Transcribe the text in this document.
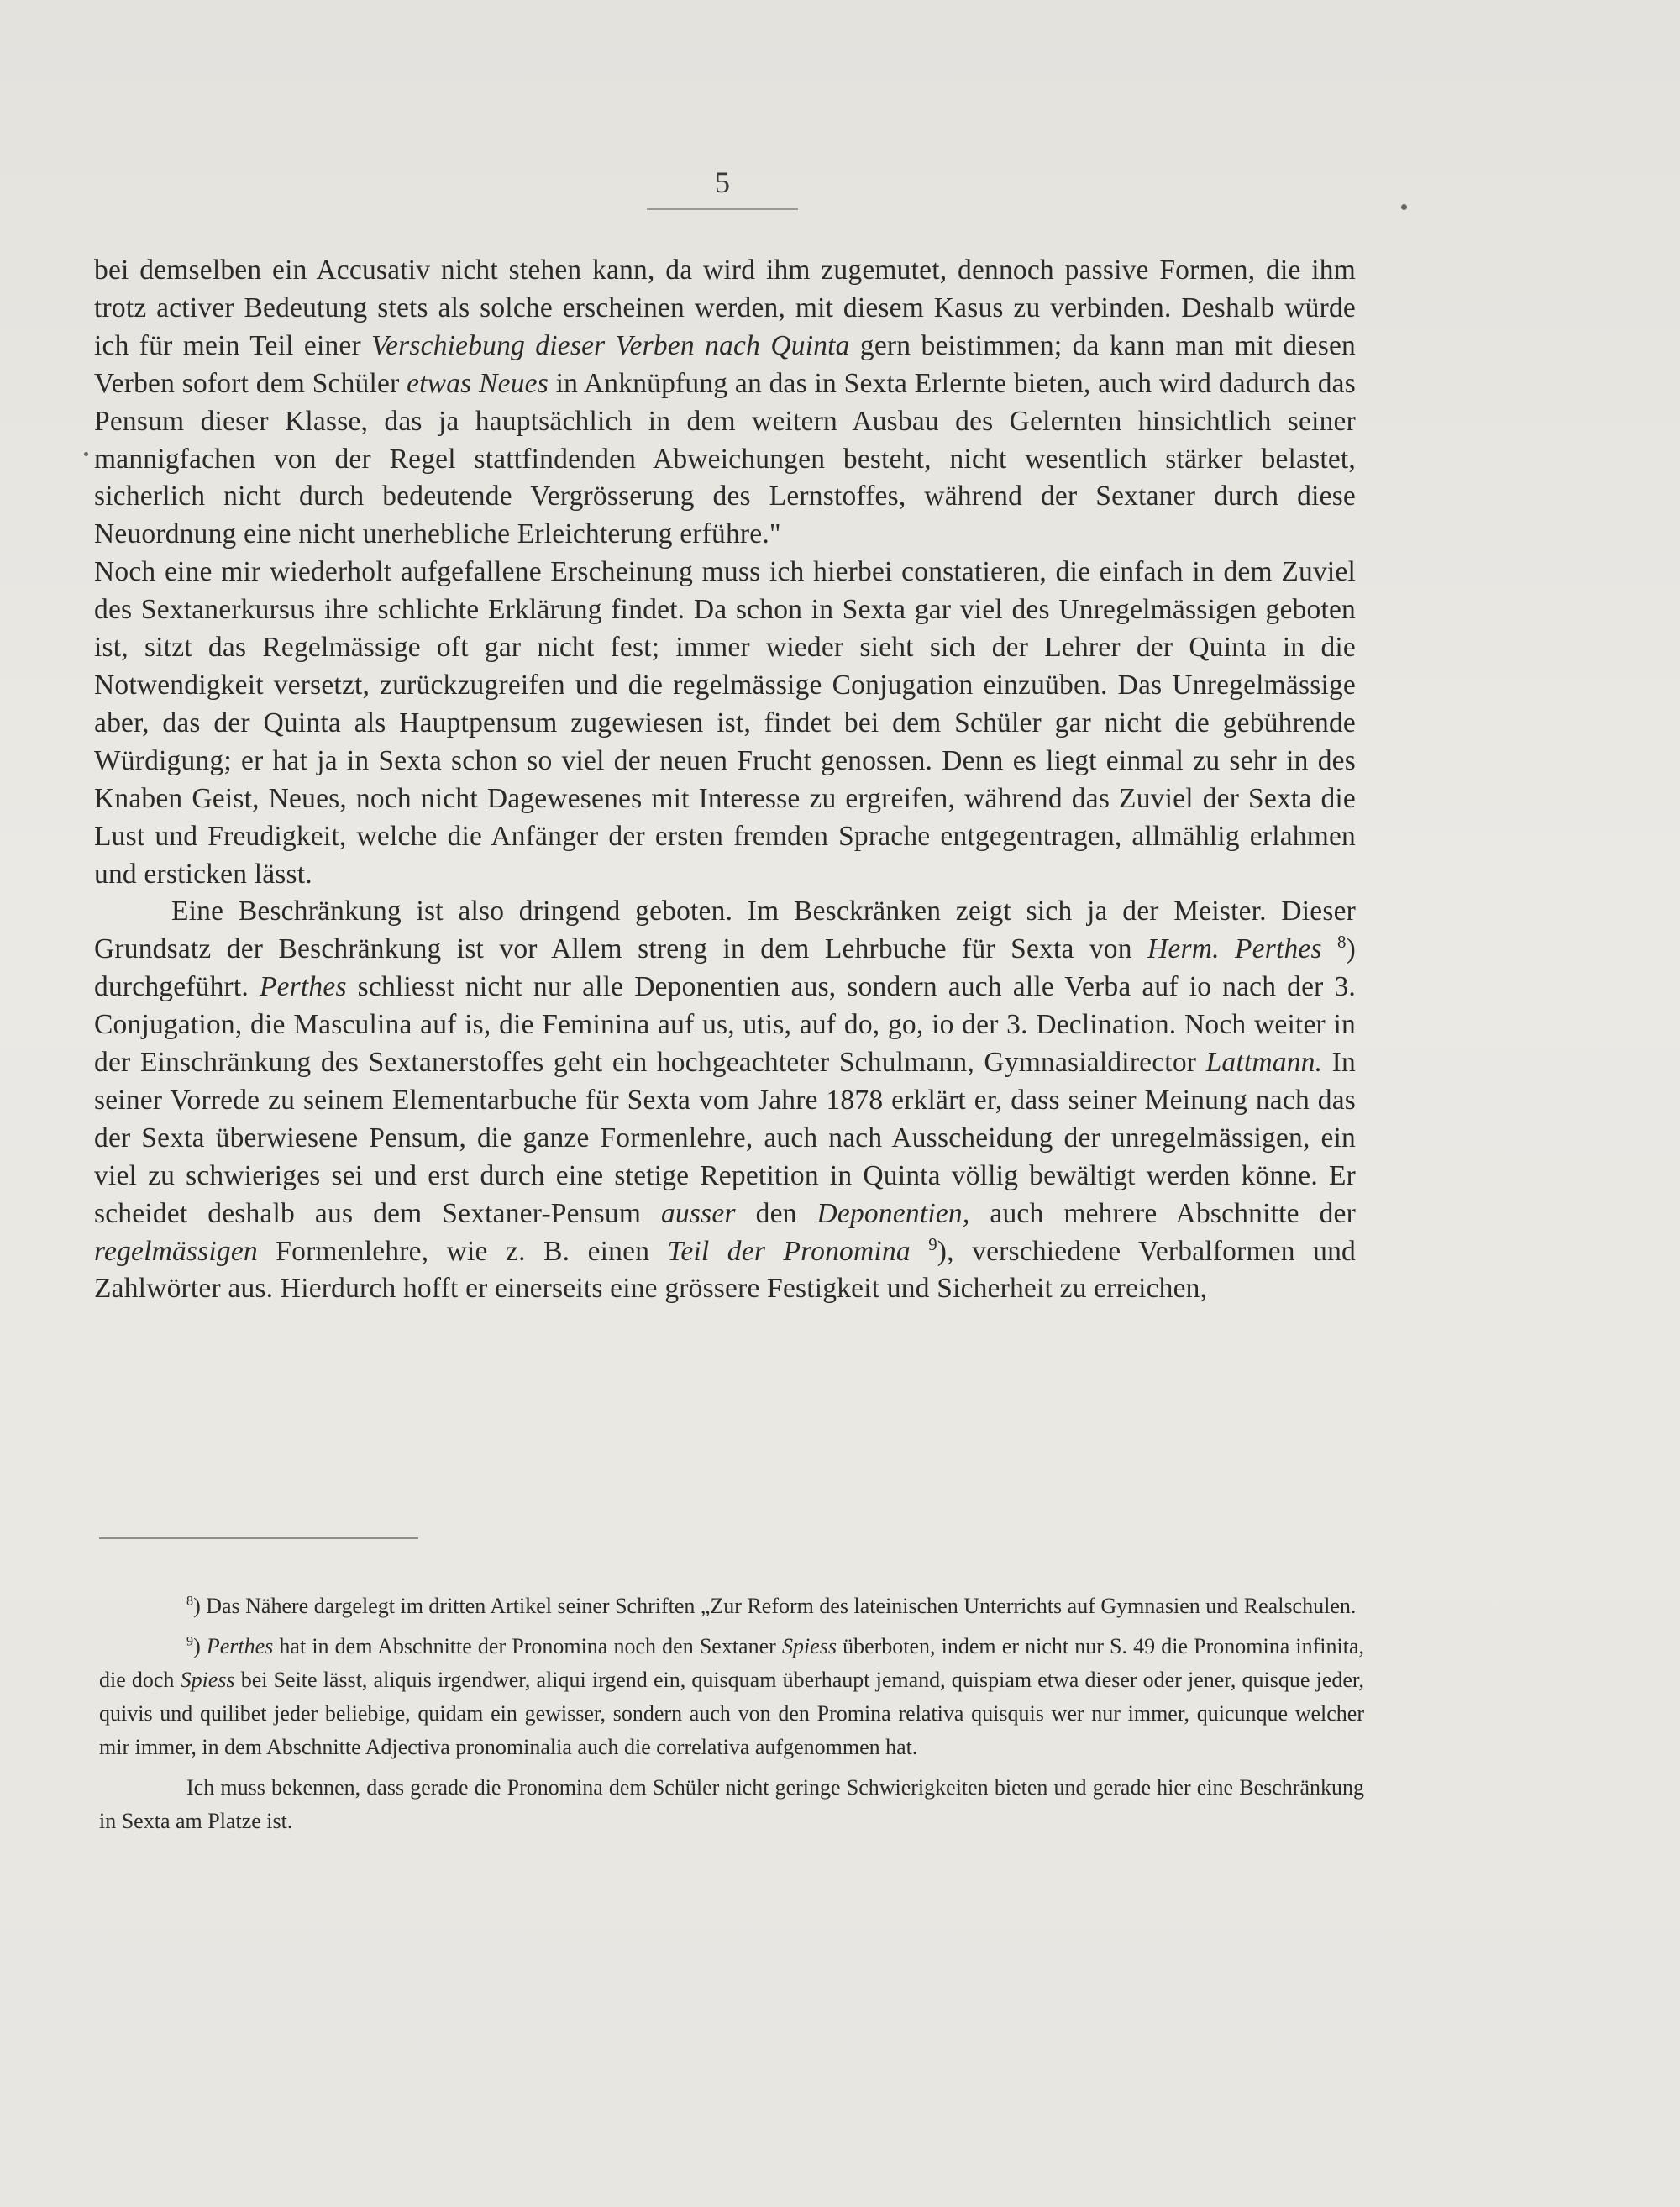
5

bei demselben ein Accusativ nicht stehen kann, da wird ihm zugemutet, dennoch passive Formen, die ihm trotz activer Bedeutung stets als solche erscheinen werden, mit diesem Kasus zu verbinden. Deshalb würde ich für mein Teil einer Verschiebung dieser Verben nach Quinta gern beistimmen; da kann man mit diesen Verben sofort dem Schüler etwas Neues in Anknüpfung an das in Sexta Erlernte bieten, auch wird dadurch das Pensum dieser Klasse, das ja hauptsächlich in dem weitern Ausbau des Gelernten hinsichtlich seiner mannigfachen von der Regel stattfindenden Abweichungen besteht, nicht wesentlich stärker belastet, sicherlich nicht durch bedeutende Vergrösserung des Lernstoffes, während der Sextaner durch diese Neuordnung eine nicht unerhebliche Erleichterung erführe."

Noch eine mir wiederholt aufgefallene Erscheinung muss ich hierbei constatieren, die einfach in dem Zuviel des Sextanerkursus ihre schlichte Erklärung findet. Da schon in Sexta gar viel des Unregelmässigen geboten ist, sitzt das Regelmässige oft gar nicht fest; immer wieder sieht sich der Lehrer der Quinta in die Notwendigkeit versetzt, zurückzugreifen und die regelmässige Conjugation einzuüben. Das Unregelmässige aber, das der Quinta als Hauptpensum zugewiesen ist, findet bei dem Schüler gar nicht die gebührende Würdigung; er hat ja in Sexta schon so viel der neuen Frucht genossen. Denn es liegt einmal zu sehr in des Knaben Geist, Neues, noch nicht Dagewesenes mit Interesse zu ergreifen, während das Zuviel der Sexta die Lust und Freudigkeit, welche die Anfänger der ersten fremden Sprache entgegentragen, allmählig erlahmen und ersticken lässt.

Eine Beschränkung ist also dringend geboten. Im Besckränken zeigt sich ja der Meister. Dieser Grundsatz der Beschränkung ist vor Allem streng in dem Lehrbuche für Sexta von Herm. Perthes $^8$) durchgeführt. Perthes schliesst nicht nur alle Deponentien aus, sondern auch alle Verba auf io nach der 3. Conjugation, die Masculina auf is, die Feminina auf us, utis, auf do, go, io der 3. Declination. Noch weiter in der Einschränkung des Sextanerstoffes geht ein hochgeachteter Schulmann, Gymnasialdirector Lattmann. In seiner Vorrede zu seinem Elementarbuche für Sexta vom Jahre 1878 erklärt er, dass seiner Meinung nach das der Sexta überwiesene Pensum, die ganze Formenlehre, auch nach Ausscheidung der unregelmässigen, ein viel zu schwieriges sei und erst durch eine stetige Repetition in Quinta völlig bewältigt werden könne. Er scheidet deshalb aus dem Sextaner-Pensum ausser den Deponentien, auch mehrere Abschnitte der regelmässigen Formenlehre, wie z. B. einen Teil der Pronomina $^9$), verschiedene Verbalformen und Zahlwörter aus. Hierdurch hofft er einerseits eine grössere Festigkeit und Sicherheit zu erreichen,

$^8$) Das Nähere dargelegt im dritten Artikel seiner Schriften „Zur Reform des lateinischen Unterrichts auf Gymnasien und Realschulen.

$^9$) Perthes hat in dem Abschnitte der Pronomina noch den Sextaner Spiess überboten, indem er nicht nur S. 49 die Pronomina infinita, die doch Spiess bei Seite lässt, aliquis irgendwer, aliqui irgend ein, quisquam überhaupt jemand, quispiam etwa dieser oder jener, quisque jeder, quivis und quilibet jeder beliebige, quidam ein gewisser, sondern auch von den Promina relativa quisquis wer nur immer, quicunque welcher mir immer, in dem Abschnitte Adjectiva pronominalia auch die correlativa aufgenommen hat.

Ich muss bekennen, dass gerade die Pronomina dem Schüler nicht geringe Schwierigkeiten bieten und gerade hier eine Beschränkung in Sexta am Platze ist.
